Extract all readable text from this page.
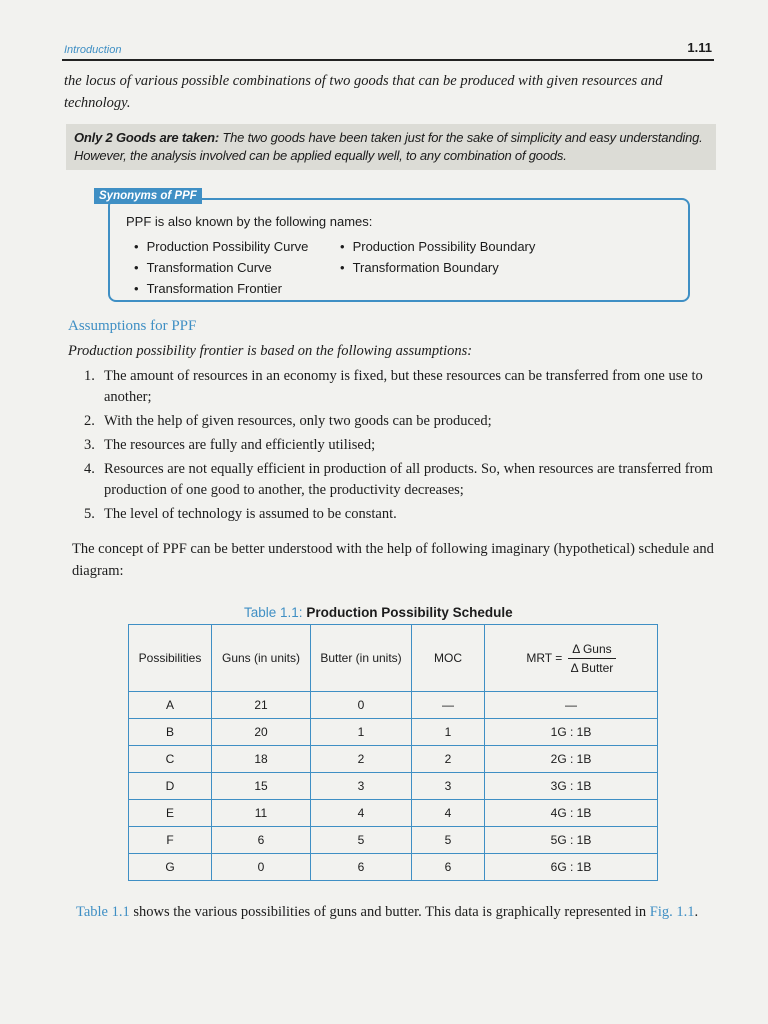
Introduction	1.11
the locus of various possible combinations of two goods that can be produced with given resources and technology.
Only 2 Goods are taken: The two goods have been taken just for the sake of simplicity and easy understanding. However, the analysis involved can be applied equally well, to any combination of goods.
Synonyms of PPF
PPF is also known by the following names:
• Production Possibility Curve
• Transformation Curve
• Transformation Frontier
• Production Possibility Boundary
• Transformation Boundary
Assumptions for PPF
Production possibility frontier is based on the following assumptions:
1. The amount of resources in an economy is fixed, but these resources can be transferred from one use to another;
2. With the help of given resources, only two goods can be produced;
3. The resources are fully and efficiently utilised;
4. Resources are not equally efficient in production of all products. So, when resources are transferred from production of one good to another, the productivity decreases;
5. The level of technology is assumed to be constant.
The concept of PPF can be better understood with the help of following imaginary (hypothetical) schedule and diagram:
Table 1.1: Production Possibility Schedule
Possibilities	Guns (in units)	Butter (in units)	MOC	MRT = $\frac{\text{Δ Guns}}{\text{Δ Butter}}$

A	21	0	—	—
B	20	1	1	1G : 1B
C	18	2	2	2G : 1B
D	15	3	3	3G : 1B
E	11	4	4	4G : 1B
F	6	5	5	5G : 1B
G	0	6	6	6G : 1B
Table 1.1 shows the various possibilities of guns and butter. This data is graphically represented in Fig. 1.1.
